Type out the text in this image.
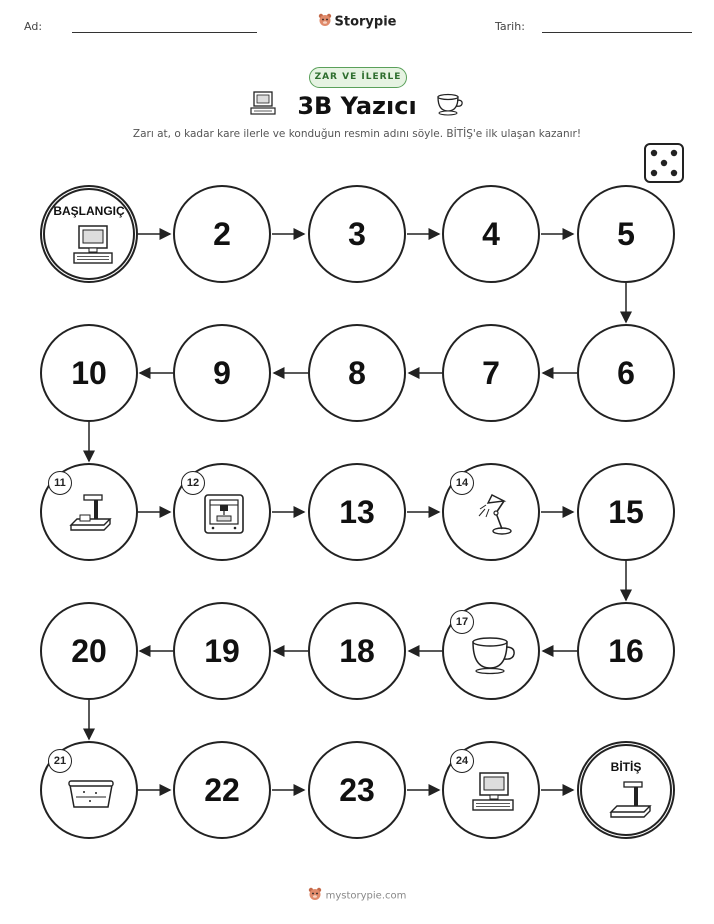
Ad:	Storypie	Tarih:
ZAR VE İLERLE
3B Yazıcı
Zarı at, o kadar kare ilerle ve konduğun resmin adını söyle. BİTİŞ'e ilk ulaşan kazanır!
BAŞLANGIÇ
2	3	4	5
6
7
8
9
10
11	12
13
14
15
16
17
18
19
20
21
22	23
24	BİTİŞ
mystorypie.com
